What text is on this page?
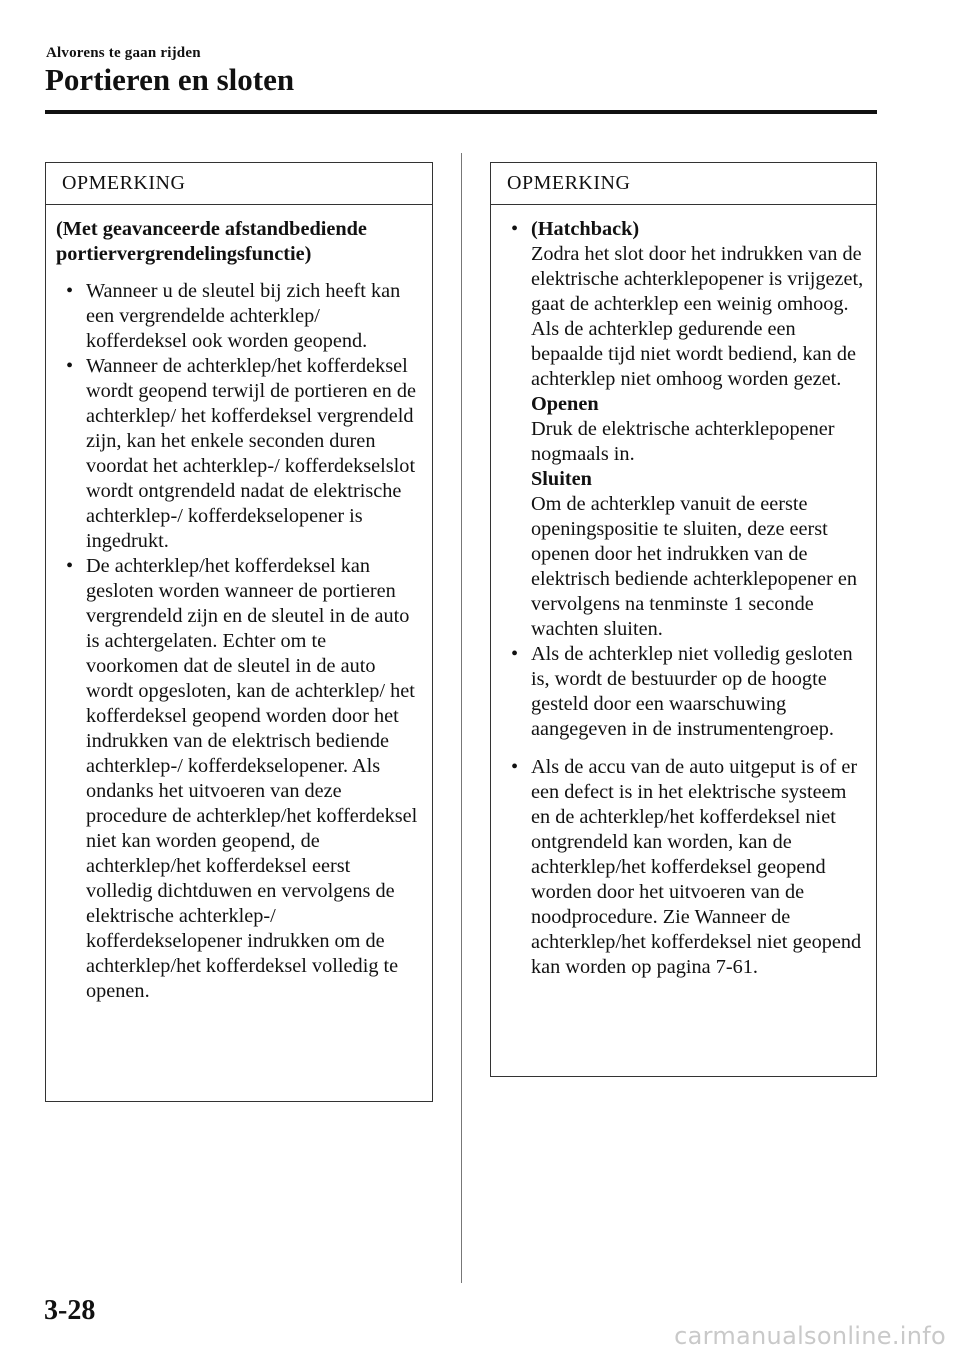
Alvorens te gaan rijden
Portieren en sloten
OPMERKING

(Met geavanceerde afstandbediende portiervergrendelingsfunctie)

• Wanneer u de sleutel bij zich heeft kan een vergrendelde achterklep/ kofferdeksel ook worden geopend.
• Wanneer de achterklep/het kofferdeksel wordt geopend terwijl de portieren en de achterklep/ het kofferdeksel vergrendeld zijn, kan het enkele seconden duren voordat het achterklep-/ kofferdekselslot wordt ontgrendeld nadat de elektrische achterklep-/ kofferdekselopener is ingedrukt.
• De achterklep/het kofferdeksel kan gesloten worden wanneer de portieren vergrendeld zijn en de sleutel in de auto is achtergelaten. Echter om te voorkomen dat de sleutel in de auto wordt opgesloten, kan de achterklep/ het kofferdeksel geopend worden door het indrukken van de elektrisch bediende achterklep-/ kofferdekselopener. Als ondanks het uitvoeren van deze procedure de achterklep/het kofferdeksel niet kan worden geopend, de achterklep/het kofferdeksel eerst volledig dichtduwen en vervolgens de elektrische achterklep-/ kofferdekselopener indrukken om de achterklep/het kofferdeksel volledig te openen.
OPMERKING
• (Hatchback)
Zodra het slot door het indrukken van de elektrische achterklepopener is vrijgezet, gaat de achterklep een weinig omhoog. Als de achterklep gedurende een bepaalde tijd niet wordt bediend, kan de achterklep niet omhoog worden gezet.
Openen
Druk de elektrische achterklepopener nogmaals in.
Sluiten
Om de achterklep vanuit de eerste openingspositie te sluiten, deze eerst openen door het indrukken van de elektrisch bediende achterklepopener en vervolgens na tenminste 1 seconde wachten sluiten.
• Als de achterklep niet volledig gesloten is, wordt de bestuurder op de hoogte gesteld door een waarschuwing aangegeven in de instrumentengroep.
• Als de accu van de auto uitgeput is of er een defect is in het elektrische systeem en de achterklep/het kofferdeksel niet ontgrendeld kan worden, kan de achterklep/het kofferdeksel geopend worden door het uitvoeren van de noodprocedure. Zie Wanneer de achterklep/het kofferdeksel niet geopend kan worden op pagina 7-61.
3-28
carmanualsonline.info
